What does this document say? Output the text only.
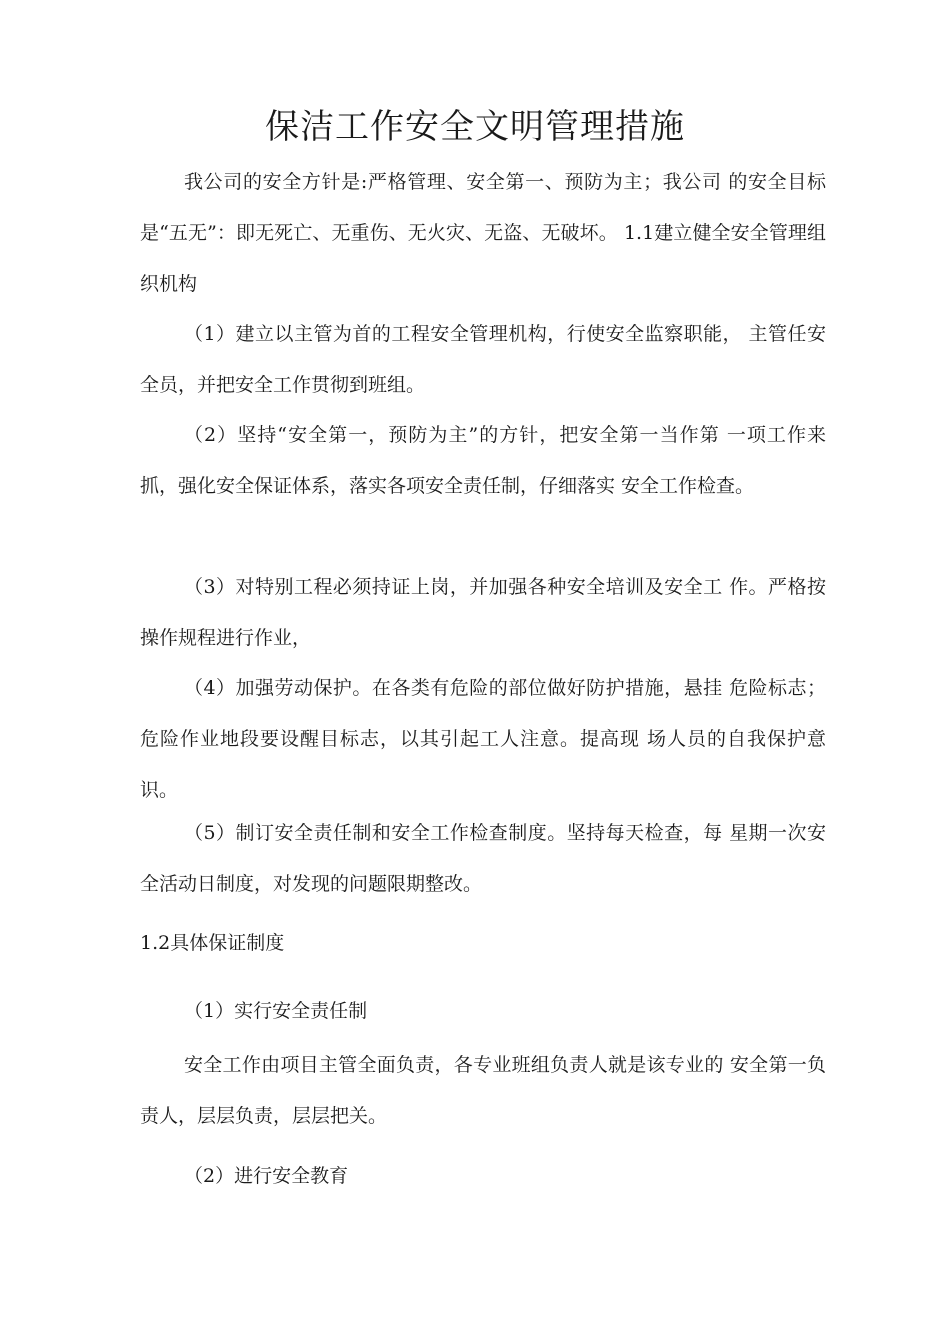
保洁工作安全文明管理措施

我公司的安全方针是:严格管理、安全第一、预防为主；我公司 的安全目标是“五无”：即无死亡、无重伤、无火灾、无盗、无破坏。 1.1建立健全安全管理组织机构

（1）建立以主管为首的工程安全管理机构，行使安全监察职能， 主管任安全员，并把安全工作贯彻到班组。

（2）坚持“安全第一，预防为主”的方针，把安全第一当作第 一项工作来抓，强化安全保证体系，落实各项安全责任制，仔细落实 安全工作检查。

（3）对特别工程必须持证上岗，并加强各种安全培训及安全工 作。严格按操作规程进行作业，

（4）加强劳动保护。在各类有危险的部位做好防护措施，悬挂 危险标志；危险作业地段要设醒目标志，以其引起工人注意。提高现 场人员的自我保护意识。

（5）制订安全责任制和安全工作检查制度。坚持每天检查，每 星期一次安全活动日制度，对发现的问题限期整改。

1.2具体保证制度

（1）实行安全责任制

安全工作由项目主管全面负责，各专业班组负责人就是该专业的 安全第一负责人，层层负责，层层把关。

（2）进行安全教育
